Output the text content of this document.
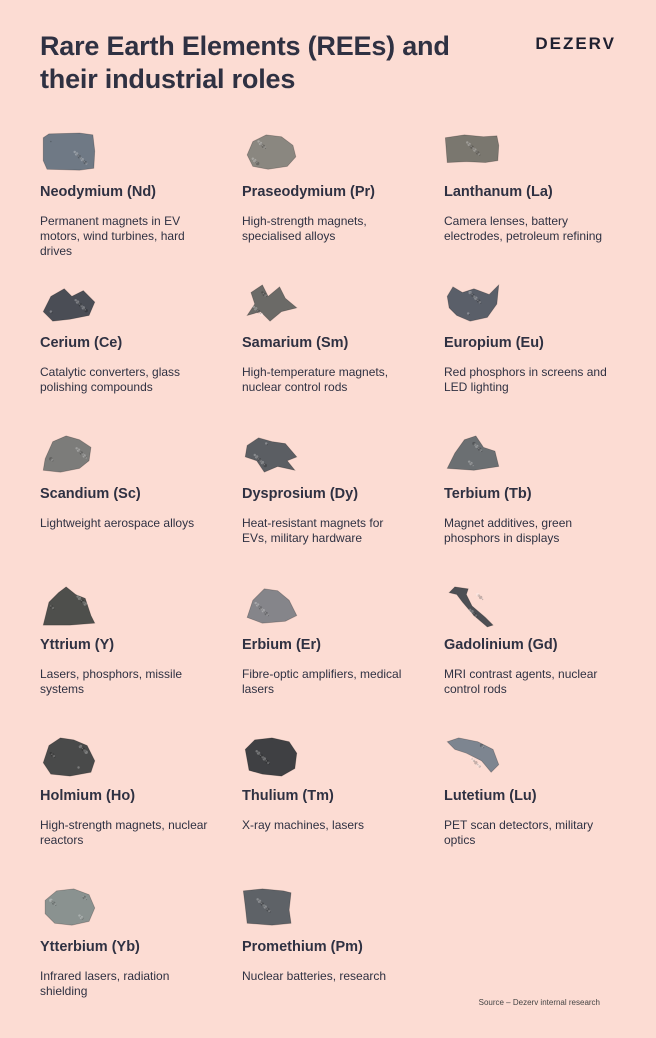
Rare Earth Elements (REEs) and their industrial roles
DEZERV
Neodymium (Nd)
Permanent magnets in EV motors, wind turbines, hard drives
Praseodymium (Pr)
High-strength magnets, specialised alloys
Lanthanum (La)
Camera lenses, battery electrodes, petroleum refining
Cerium (Ce)
Catalytic converters, glass polishing compounds
Samarium (Sm)
High-temperature magnets, nuclear control rods
Europium (Eu)
Red phosphors in screens and LED lighting
Scandium (Sc)
Lightweight aerospace alloys
Dysprosium (Dy)
Heat-resistant magnets for EVs, military hardware
Terbium (Tb)
Magnet additives, green phosphors in displays
Yttrium (Y)
Lasers, phosphors, missile systems
Erbium (Er)
Fibre-optic amplifiers, medical lasers
Gadolinium (Gd)
MRI contrast agents, nuclear control rods
Holmium (Ho)
High-strength magnets, nuclear reactors
Thulium (Tm)
X-ray machines, lasers
Lutetium (Lu)
PET scan detectors, military optics
Ytterbium (Yb)
Infrared lasers, radiation shielding
Promethium (Pm)
Nuclear batteries, research
Source – Dezerv internal research
